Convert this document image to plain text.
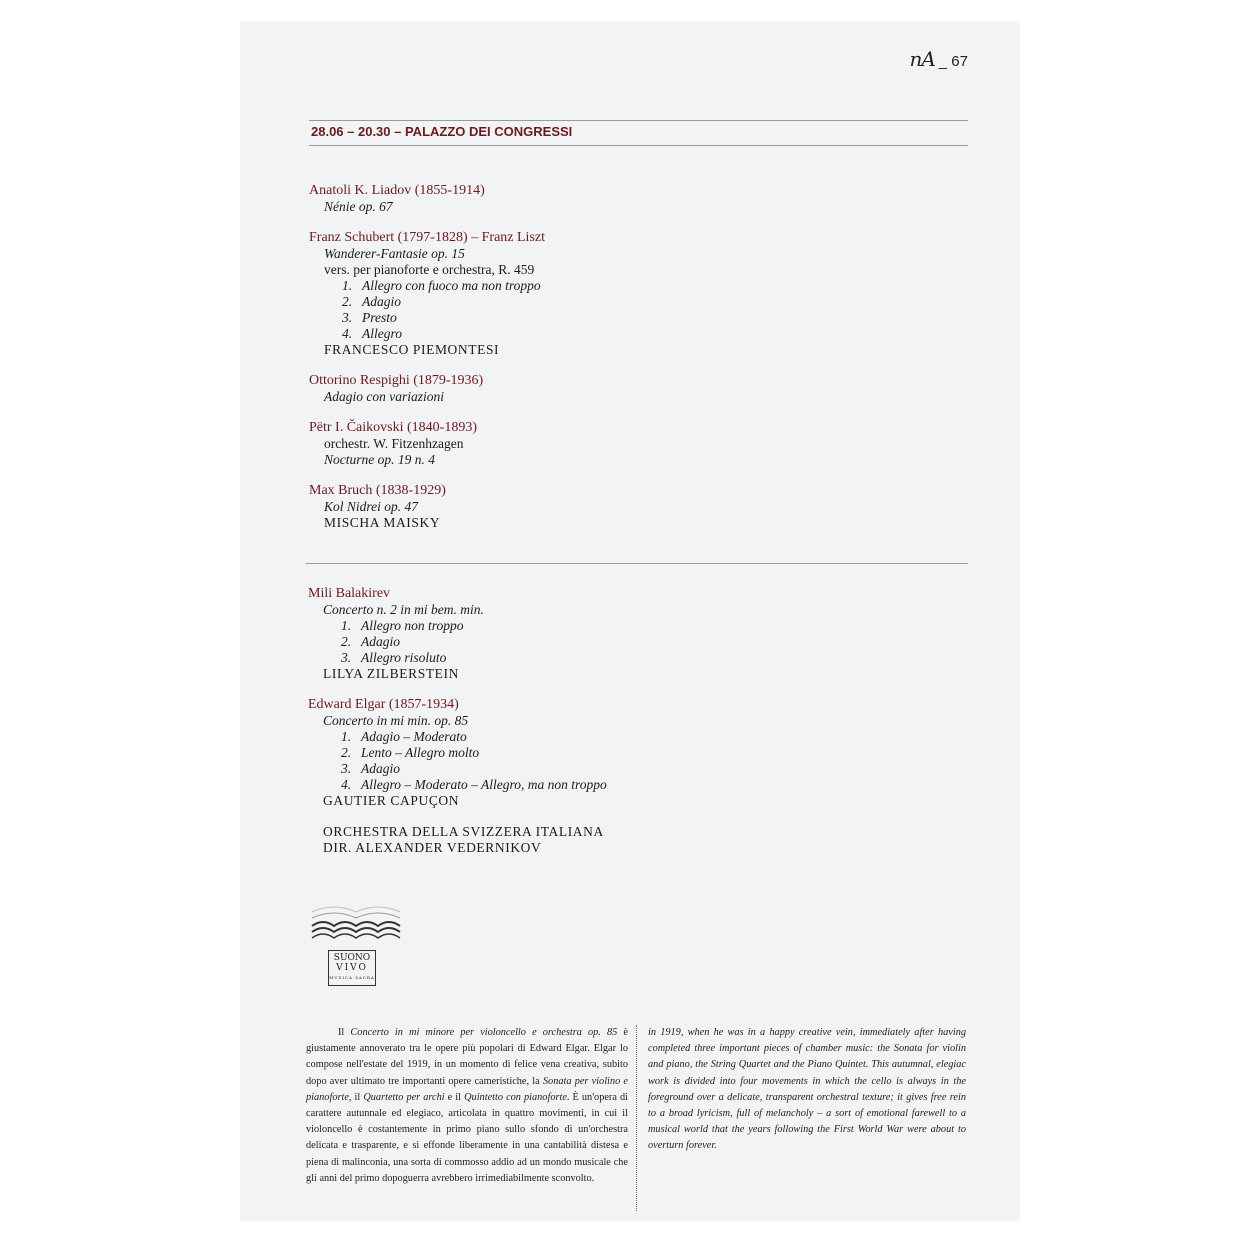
nA _ 67
28.06 – 20.30 – PALAZZO DEI CONGRESSI
Anatoli K. Liadov (1855-1914)
Nénie op. 67
Franz Schubert (1797-1828) – Franz Liszt
Wanderer-Fantasie op. 15
vers. per pianoforte e orchestra, R. 459
1. Allegro con fuoco ma non troppo
2. Adagio
3. Presto
4. Allegro
FRANCESCO PIEMONTESI
Ottorino Respighi (1879-1936)
Adagio con variazioni
Pëtr I. Čaikovski (1840-1893)
orchestr. W. Fitzenhzagen
Nocturne op. 19 n. 4
Max Bruch (1838-1929)
Kol Nidrei op. 47
MISCHA MAISKY
Mili Balakirev
Concerto n. 2 in mi bem. min.
1. Allegro non troppo
2. Adagio
3. Allegro risoluto
LILYA ZILBERSTEIN
Edward Elgar (1857-1934)
Concerto in mi min. op. 85
1. Adagio – Moderato
2. Lento – Allegro molto
3. Adagio
4. Allegro – Moderato – Allegro, ma non troppo
GAUTIER CAPUÇON
ORCHESTRA DELLA SVIZZERA ITALIANA
DIR. ALEXANDER VEDERNIKOV
SUONO
VIVO
MUSICA SACRA
Il Concerto in mi minore per violoncello e orchestra op. 85 è giustamente annoverato tra le opere più popolari di Edward Elgar. Elgar lo compose nell'estate del 1919, in un momento di felice vena creativa, subito dopo aver ultimato tre importanti opere cameristiche, la Sonata per violino e pianoforte, il Quartetto per archi e il Quintetto con pianoforte. È un'opera di carattere autunnale ed elegiaco, articolata in quattro movimenti, in cui il violoncello è costantemente in primo piano sullo sfondo di un'orchestra delicata e trasparente, e si effonde liberamente in una cantabilità distesa e piena di malinconia, una sorta di commosso addio ad un mondo musicale che gli anni del primo dopoguerra avrebbero irrimediabilmente sconvolto.
in 1919, when he was in a happy creative vein, immediately after having completed three important pieces of chamber music: the Sonata for violin and piano, the String Quartet and the Piano Quintet. This autumnal, elegiac work is divided into four movements in which the cello is always in the foreground over a delicate, transparent orchestral texture; it gives free rein to a broad lyricism, full of melancholy – a sort of emotional farewell to a musical world that the years following the First World War were about to overturn forever.
